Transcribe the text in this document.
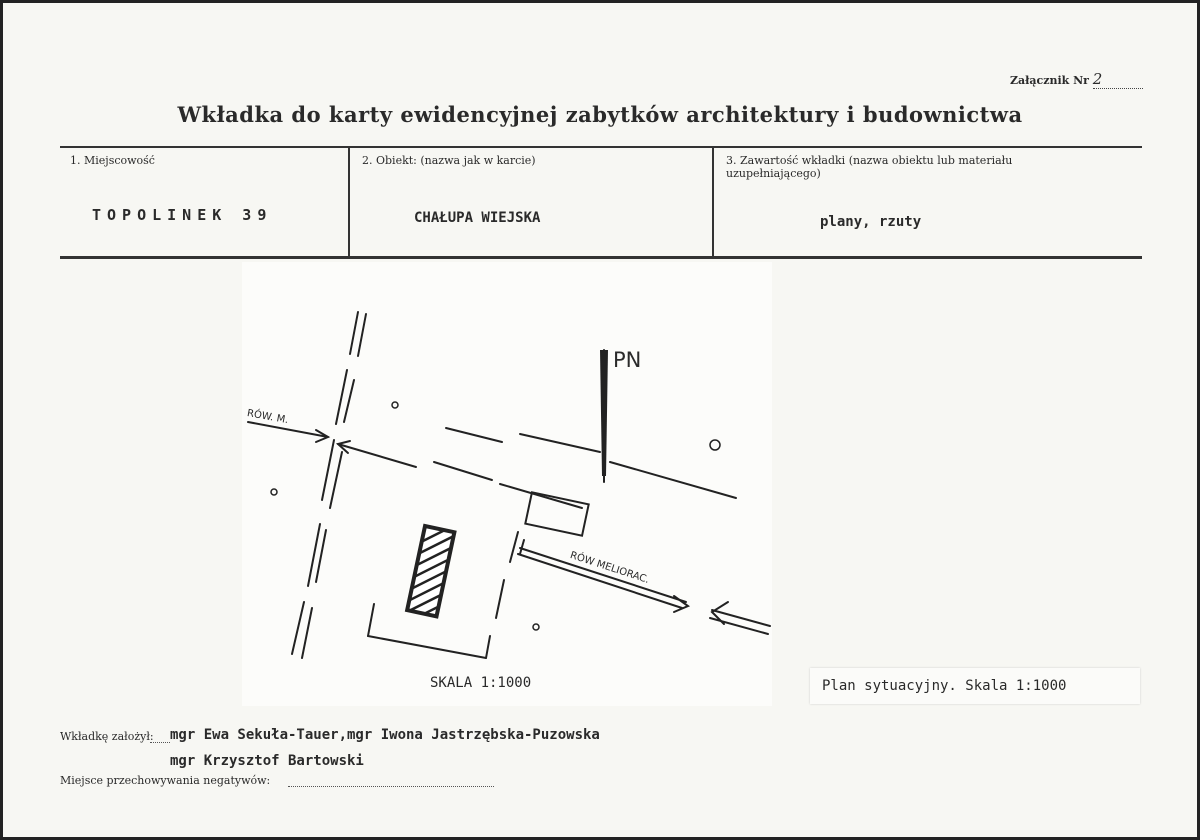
Załącznik Nr 2
Wkładka do karty ewidencyjnej zabytków architektury i budownictwa
1. Miejscowość
TOPOLINEK 39
2. Obiekt: (nazwa jak w karcie)
CHAŁUPA WIEJSKA
3. Zawartość wkładki (nazwa obiektu lub materiału uzupełniającego)
plany, rzuty
PN
RÓW. M.
RÓW MELIORAC.
SKALA 1:1000	Plan sytuacyjny. Skala 1:1000
Wkładkę założył: mgr Ewa Sekuła-Tauer,mgr Iwona Jastrzębska-Puzowska
mgr Krzysztof Bartowski
Miejsce przechowywania negatywów:
